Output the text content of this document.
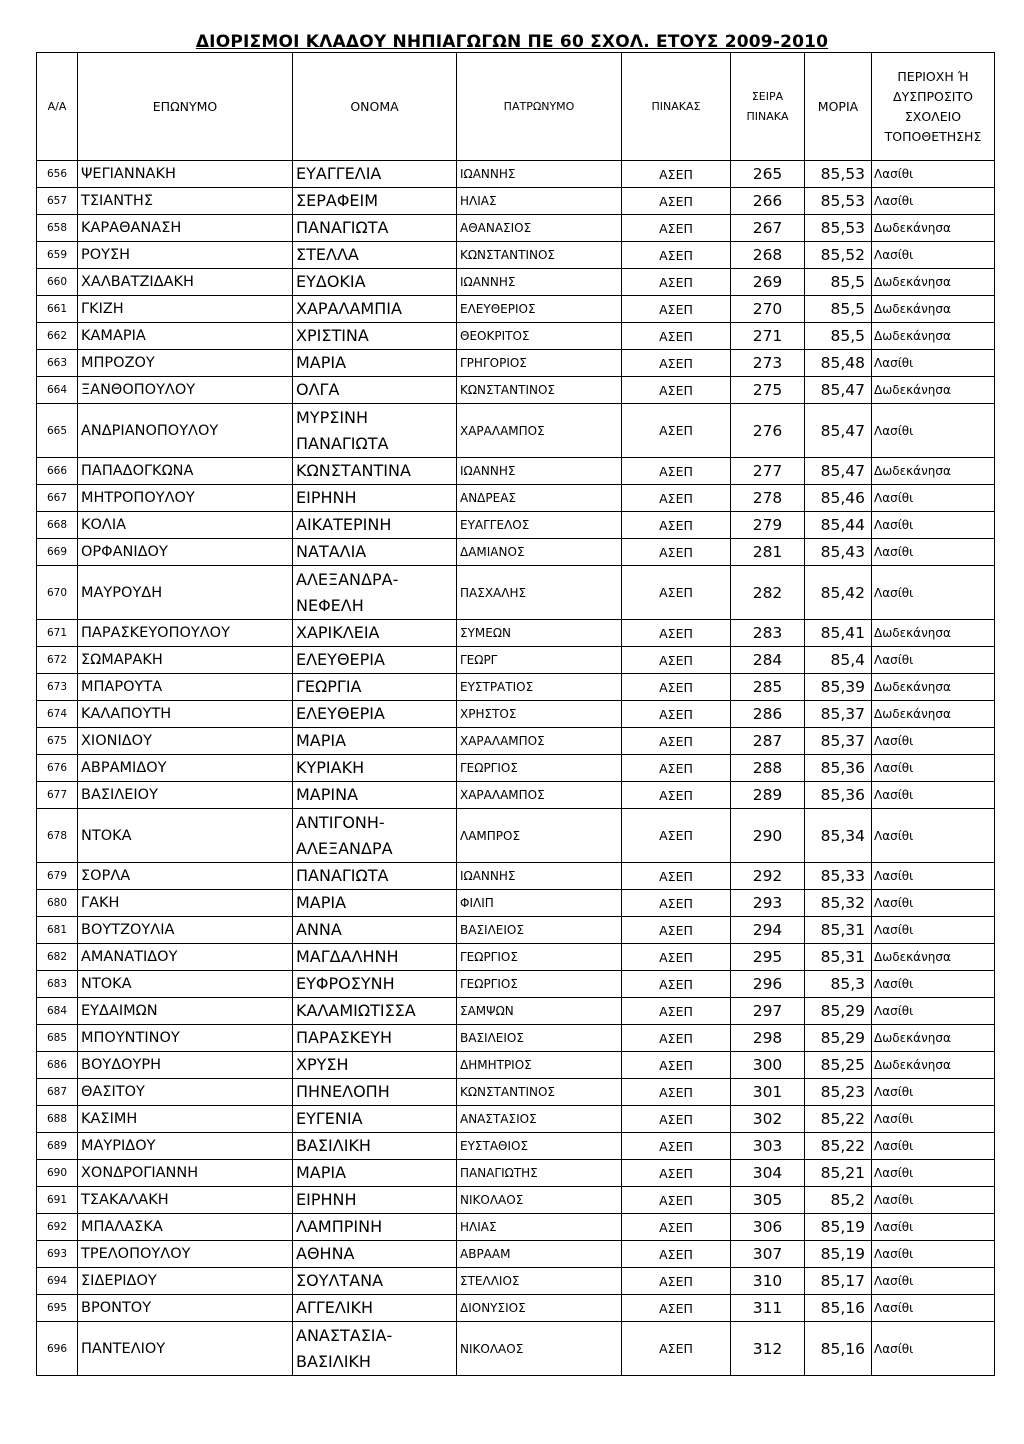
ΔΙΟΡΙΣΜΟΙ ΚΛΑΔΟΥ ΝΗΠΙΑΓΩΓΩΝ ΠΕ 60 ΣΧΟΛ. ΕΤΟΥΣ 2009-2010
Α/Α	ΕΠΩΝΥΜΟ	ΟΝΟΜΑ	ΠΑΤΡΩΝΥΜΟ	ΠΙΝΑΚΑΣ	ΣΕΙΡΑ ΠΙΝΑΚΑ	ΜΟΡΙΑ	ΠΕΡΙΟΧΗ Ή ΔΥΣΠΡΟΣΙΤΟ ΣΧΟΛΕΙΟ ΤΟΠΟΘΕΤΗΣΗΣ
656	ΨΕΓΙΑΝΝΑΚΗ	ΕΥΑΓΓΕΛΙΑ	ΙΩΑΝΝΗΣ	ΑΣΕΠ	265	85,53	Λασίθι
657	ΤΣΙΑΝΤΗΣ	ΣΕΡΑΦΕΙΜ	ΗΛΙΑΣ	ΑΣΕΠ	266	85,53	Λασίθι
658	ΚΑΡΑΘΑΝΑΣΗ	ΠΑΝΑΓΙΩΤΑ	ΑΘΑΝΑΣΙΟΣ	ΑΣΕΠ	267	85,53	Δωδεκάνησα
659	ΡΟΥΣΗ	ΣΤΕΛΛΑ	ΚΩΝΣΤΑΝΤΙΝΟΣ	ΑΣΕΠ	268	85,52	Λασίθι
660	ΧΑΛΒΑΤΖΙΔΑΚΗ	ΕΥΔΟΚΙΑ	ΙΩΑΝΝΗΣ	ΑΣΕΠ	269	85,5	Δωδεκάνησα
661	ΓΚΙΖΗ	ΧΑΡΑΛΑΜΠΙΑ	ΕΛΕΥΘΕΡΙΟΣ	ΑΣΕΠ	270	85,5	Δωδεκάνησα
662	ΚΑΜΑΡΙΑ	ΧΡΙΣΤΙΝΑ	ΘΕΟΚΡΙΤΟΣ	ΑΣΕΠ	271	85,5	Δωδεκάνησα
663	ΜΠΡΟΖΟΥ	ΜΑΡΙΑ	ΓΡΗΓΟΡΙΟΣ	ΑΣΕΠ	273	85,48	Λασίθι
664	ΞΑΝΘΟΠΟΥΛΟΥ	ΟΛΓΑ	ΚΩΝΣΤΑΝΤΙΝΟΣ	ΑΣΕΠ	275	85,47	Δωδεκάνησα
665	ΑΝΔΡΙΑΝΟΠΟΥΛΟΥ	ΜΥΡΣΙΝΗ ΠΑΝΑΓΙΩΤΑ	ΧΑΡΑΛΑΜΠΟΣ	ΑΣΕΠ	276	85,47	Λασίθι
666	ΠΑΠΑΔΟΓΚΩΝΑ	ΚΩΝΣΤΑΝΤΙΝΑ	ΙΩΑΝΝΗΣ	ΑΣΕΠ	277	85,47	Δωδεκάνησα
667	ΜΗΤΡΟΠΟΥΛΟΥ	ΕΙΡΗΝΗ	ΑΝΔΡΕΑΣ	ΑΣΕΠ	278	85,46	Λασίθι
668	ΚΟΛΙΑ	ΑΙΚΑΤΕΡΙΝΗ	ΕΥΑΓΓΕΛΟΣ	ΑΣΕΠ	279	85,44	Λασίθι
669	ΟΡΦΑΝΙΔΟΥ	ΝΑΤΑΛΙΑ	ΔΑΜΙΑΝΟΣ	ΑΣΕΠ	281	85,43	Λασίθι
670	ΜΑΥΡΟΥΔΗ	ΑΛΕΞΑΝΔΡΑ- ΝΕΦΕΛΗ	ΠΑΣΧΑΛΗΣ	ΑΣΕΠ	282	85,42	Λασίθι
671	ΠΑΡΑΣΚΕΥΟΠΟΥΛΟΥ	ΧΑΡΙΚΛΕΙΑ	ΣΥΜΕΩΝ	ΑΣΕΠ	283	85,41	Δωδεκάνησα
672	ΣΩΜΑΡΑΚΗ	ΕΛΕΥΘΕΡΙΑ	ΓΕΩΡΓ	ΑΣΕΠ	284	85,4	Λασίθι
673	ΜΠΑΡΟΥΤΑ	ΓΕΩΡΓΙΑ	ΕΥΣΤΡΑΤΙΟΣ	ΑΣΕΠ	285	85,39	Δωδεκάνησα
674	ΚΑΛΑΠΟΥΤΗ	ΕΛΕΥΘΕΡΙΑ	ΧΡΗΣΤΟΣ	ΑΣΕΠ	286	85,37	Δωδεκάνησα
675	ΧΙΟΝΙΔΟΥ	ΜΑΡΙΑ	ΧΑΡΑΛΑΜΠΟΣ	ΑΣΕΠ	287	85,37	Λασίθι
676	ΑΒΡΑΜΙΔΟΥ	ΚΥΡΙΑΚΗ	ΓΕΩΡΓΙΟΣ	ΑΣΕΠ	288	85,36	Λασίθι
677	ΒΑΣΙΛΕΙΟΥ	ΜΑΡΙΝΑ	ΧΑΡΑΛΑΜΠΟΣ	ΑΣΕΠ	289	85,36	Λασίθι
678	ΝΤΟΚΑ	ΑΝΤΙΓΟΝΗ- ΑΛΕΞΑΝΔΡΑ	ΛΑΜΠΡΟΣ	ΑΣΕΠ	290	85,34	Λασίθι
679	ΣΟΡΛΑ	ΠΑΝΑΓΙΩΤΑ	ΙΩΑΝΝΗΣ	ΑΣΕΠ	292	85,33	Λασίθι
680	ΓΑΚΗ	ΜΑΡΙΑ	ΦΙΛΙΠ	ΑΣΕΠ	293	85,32	Λασίθι
681	ΒΟΥΤΖΟΥΛΙΑ	ΑΝΝΑ	ΒΑΣΙΛΕΙΟΣ	ΑΣΕΠ	294	85,31	Λασίθι
682	ΑΜΑΝΑΤΙΔΟΥ	ΜΑΓΔΑΛΗΝΗ	ΓΕΩΡΓΙΟΣ	ΑΣΕΠ	295	85,31	Δωδεκάνησα
683	ΝΤΟΚΑ	ΕΥΦΡΟΣΥΝΗ	ΓΕΩΡΓΙΟΣ	ΑΣΕΠ	296	85,3	Λασίθι
684	ΕΥΔΑΙΜΩΝ	ΚΑΛΑΜΙΩΤΙΣΣΑ	ΣΑΜΨΩΝ	ΑΣΕΠ	297	85,29	Λασίθι
685	ΜΠΟΥΝΤΙΝΟΥ	ΠΑΡΑΣΚΕΥΗ	ΒΑΣΙΛΕΙΟΣ	ΑΣΕΠ	298	85,29	Δωδεκάνησα
686	ΒΟΥΔΟΥΡΗ	ΧΡΥΣΗ	ΔΗΜΗΤΡΙΟΣ	ΑΣΕΠ	300	85,25	Δωδεκάνησα
687	ΘΑΣΙΤΟΥ	ΠΗΝΕΛΟΠΗ	ΚΩΝΣΤΑΝΤΙΝΟΣ	ΑΣΕΠ	301	85,23	Λασίθι
688	ΚΑΣΙΜΗ	ΕΥΓΕΝΙΑ	ΑΝΑΣΤΑΣΙΟΣ	ΑΣΕΠ	302	85,22	Λασίθι
689	ΜΑΥΡΙΔΟΥ	ΒΑΣΙΛΙΚΗ	ΕΥΣΤΑΘΙΟΣ	ΑΣΕΠ	303	85,22	Λασίθι
690	ΧΟΝΔΡΟΓΙΑΝΝΗ	ΜΑΡΙΑ	ΠΑΝΑΓΙΩΤΗΣ	ΑΣΕΠ	304	85,21	Λασίθι
691	ΤΣΑΚΑΛΑΚΗ	ΕΙΡΗΝΗ	ΝΙΚΟΛΑΟΣ	ΑΣΕΠ	305	85,2	Λασίθι
692	ΜΠΑΛΑΣΚΑ	ΛΑΜΠΡΙΝΗ	ΗΛΙΑΣ	ΑΣΕΠ	306	85,19	Λασίθι
693	ΤΡΕΛΟΠΟΥΛΟΥ	ΑΘΗΝΑ	ΑΒΡΑΑΜ	ΑΣΕΠ	307	85,19	Λασίθι
694	ΣΙΔΕΡΙΔΟΥ	ΣΟΥΛΤΑΝΑ	ΣΤΕΛΛΙΟΣ	ΑΣΕΠ	310	85,17	Λασίθι
695	ΒΡΟΝΤΟΥ	ΑΓΓΕΛΙΚΗ	ΔΙΟΝΥΣΙΟΣ	ΑΣΕΠ	311	85,16	Λασίθι
696	ΠΑΝΤΕΛΙΟΥ	ΑΝΑΣΤΑΣΙΑ- ΒΑΣΙΛΙΚΗ	ΝΙΚΟΛΑΟΣ	ΑΣΕΠ	312	85,16	Λασίθι
